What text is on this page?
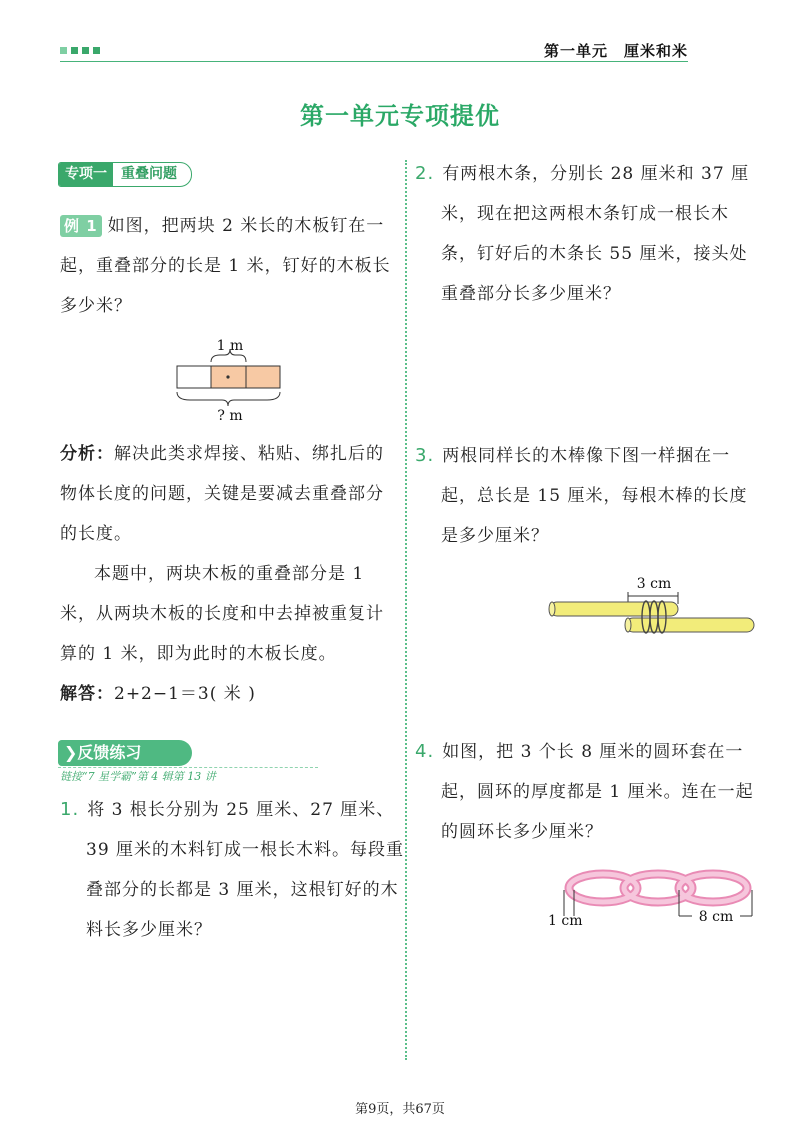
第一单元　厘米和米
第一单元专项提优
专项一	重叠问题
例 1 如图，把两块 2 米长的木板钉在一起，重叠部分的长是 1 米，钉好的木板长多少米？
1 m
? m
分析：解决此类求焊接、粘贴、绑扎后的物体长度的问题，关键是要减去重叠部分的长度。
本题中，两块木板的重叠部分是 1 米，从两块木板的长度和中去掉被重复计算的 1 米，即为此时的木板长度。
解答：2+2−1＝3( 米 )
❯反馈练习
链接“7 星学霸”第 4 辑第 13 讲
1. 将 3 根长分别为 25 厘米、27 厘米、39 厘米的木料钉成一根长木料。每段重叠部分的长都是 3 厘米，这根钉好的木料长多少厘米？
2. 有两根木条，分别长 28 厘米和 37 厘米，现在把这两根木条钉成一根长木条，钉好后的木条长 55 厘米，接头处重叠部分长多少厘米？
3. 两根同样长的木棒像下图一样捆在一起，总长是 15 厘米，每根木棒的长度是多少厘米？
3 cm
4. 如图，把 3 个长 8 厘米的圆环套在一起，圆环的厚度都是 1 厘米。连在一起的圆环长多少厘米？
1 cm	8 cm
第9页，共67页
